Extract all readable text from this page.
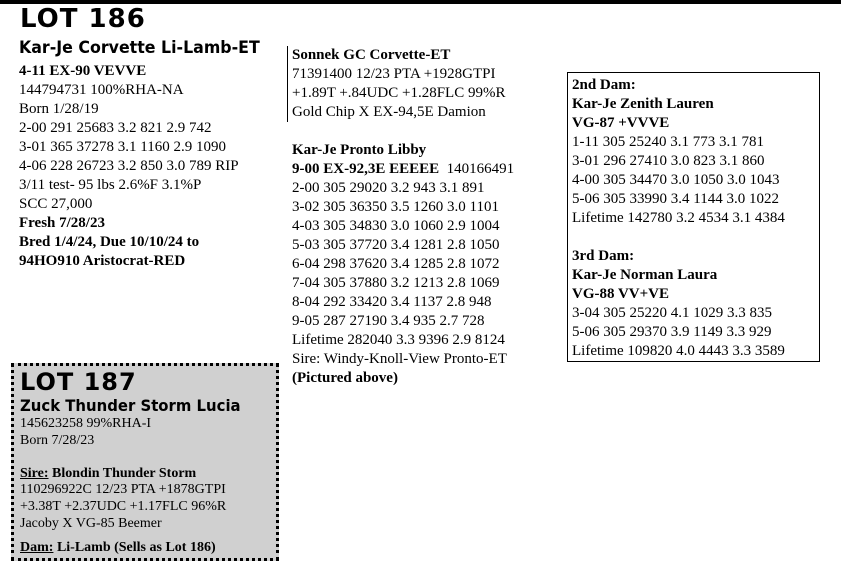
LOT 186
Kar-Je Corvette Li-Lamb-ET
4-11 EX-90 VEVVE
144794731 100%RHA-NA
Born 1/28/19
2-00 291 25683 3.2 821 2.9 742
3-01 365 37278 3.1 1160 2.9 1090
4-06 228 26723 3.2 850 3.0 789 RIP
3/11 test- 95 lbs 2.6%F 3.1%P
SCC 27,000
Fresh 7/28/23
Bred 1/4/24, Due 10/10/24 to
94HO910 Aristocrat-RED
Sonnek GC Corvette-ET
71391400 12/23 PTA +1928GTPI
+1.89T +.84UDC +1.28FLC 99%R
Gold Chip X EX-94,5E Damion
Kar-Je Pronto Libby
9-00 EX-92,3E EEEEE 140166491
2-00 305 29020 3.2 943 3.1 891
3-02 305 36350 3.5 1260 3.0 1101
4-03 305 34830 3.0 1060 2.9 1004
5-03 305 37720 3.4 1281 2.8 1050
6-04 298 37620 3.4 1285 2.8 1072
7-04 305 37880 3.2 1213 2.8 1069
8-04 292 33420 3.4 1137 2.8 948
9-05 287 27190 3.4 935 2.7 728
Lifetime 282040 3.3 9396 2.9 8124
Sire: Windy-Knoll-View Pronto-ET
(Pictured above)
2nd Dam:
Kar-Je Zenith Lauren
VG-87 +VVVE
1-11 305 25240 3.1 773 3.1 781
3-01 296 27410 3.0 823 3.1 860
4-00 305 34470 3.0 1050 3.0 1043
5-06 305 33990 3.4 1144 3.0 1022
Lifetime 142780 3.2 4534 3.1 4384
3rd Dam:
Kar-Je Norman Laura
VG-88 VV+VE
3-04 305 25220 4.1 1029 3.3 835
5-06 305 29370 3.9 1149 3.3 929
Lifetime 109820 4.0 4443 3.3 3589
LOT 187
Zuck Thunder Storm Lucia
145623258 99%RHA-I
Born 7/28/23
Sire: Blondin Thunder Storm
110296922C 12/23 PTA +1878GTPI
+3.38T +2.37UDC +1.17FLC 96%R
Jacoby X VG-85 Beemer
Dam: Li-Lamb (Sells as Lot 186)
